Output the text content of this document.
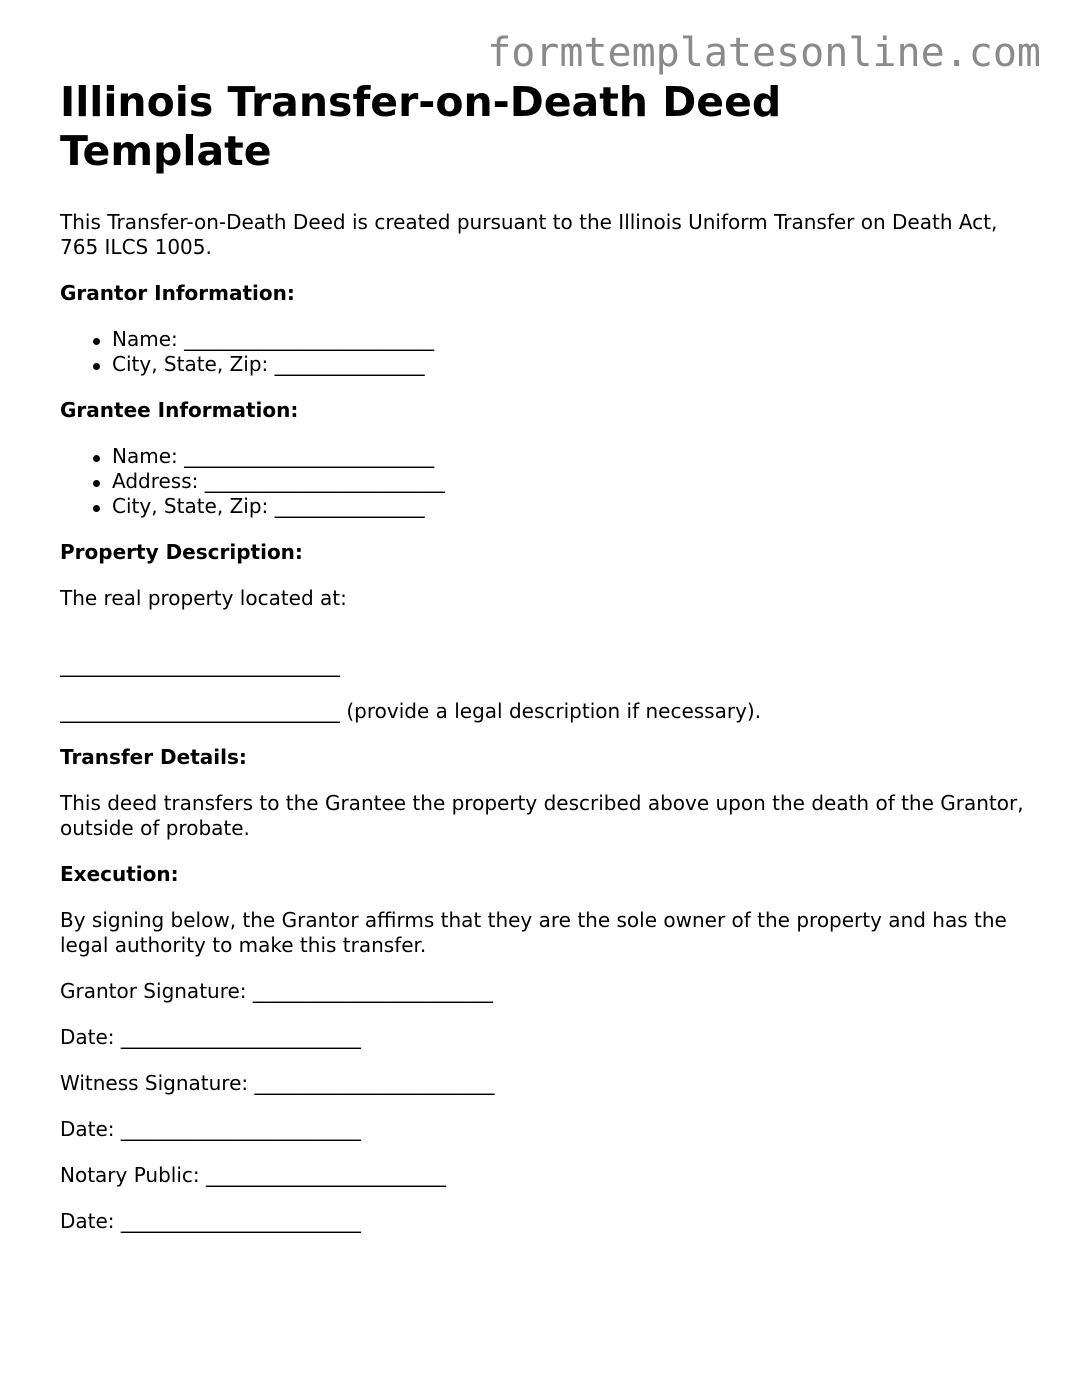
formtemplatesonline.com
Illinois Transfer-on-Death Deed Template

This Transfer-on-Death Deed is created pursuant to the Illinois Uniform Transfer on Death Act, 765 ILCS 1005.

Grantor Information:
Name: _________________________
City, State, Zip: _______________
Grantee Information:
Name: _________________________
Address: ________________________
City, State, Zip: _______________
Property Description:

The real property located at:

____________________________

____________________________ (provide a legal description if necessary).

Transfer Details:

This deed transfers to the Grantee the property described above upon the death of the Grantor, outside of probate.

Execution:

By signing below, the Grantor affirms that they are the sole owner of the property and has the legal authority to make this transfer.

Grantor Signature: ________________________

Date: ________________________

Witness Signature: ________________________

Date: ________________________

Notary Public: ________________________

Date: ________________________
